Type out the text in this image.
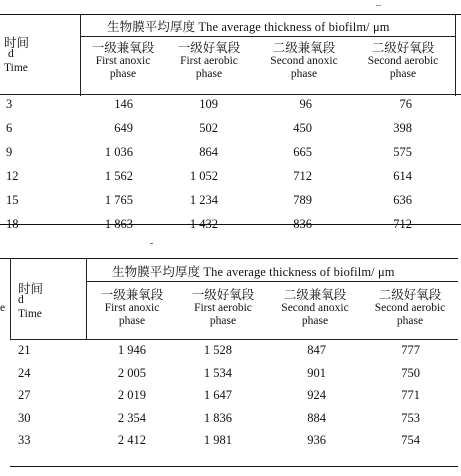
_
生物膜平均厚度 The average thickness of biofilm/ μm
时间
d
Time
一级兼氧段
First anoxic
phase
一级好氧段
First aerobic
phase
二级兼氧段
Second anoxic
phase
二级好氧段
Second aerobic
phase
3	146	109	96	76
6	649	502	450	398
9	1 036	864	665	575
12	1 562	1 052	712	614
15	1 765	1 234	789	636
18	1 863	1 432	836	712
-
e
生物膜平均厚度 The average thickness of biofilm/ μm
时间
d
Time
一级兼氧段
First anoxic
phase
一级好氧段
First aerobic
phase
二级兼氧段
Second anoxic
phase
二级好氧段
Second aerobic
phase
21	1 946	1 528	847	777
24	2 005	1 534	901	750
27	2 019	1 647	924	771
30	2 354	1 836	884	753
33	2 412	1 981	936	754
